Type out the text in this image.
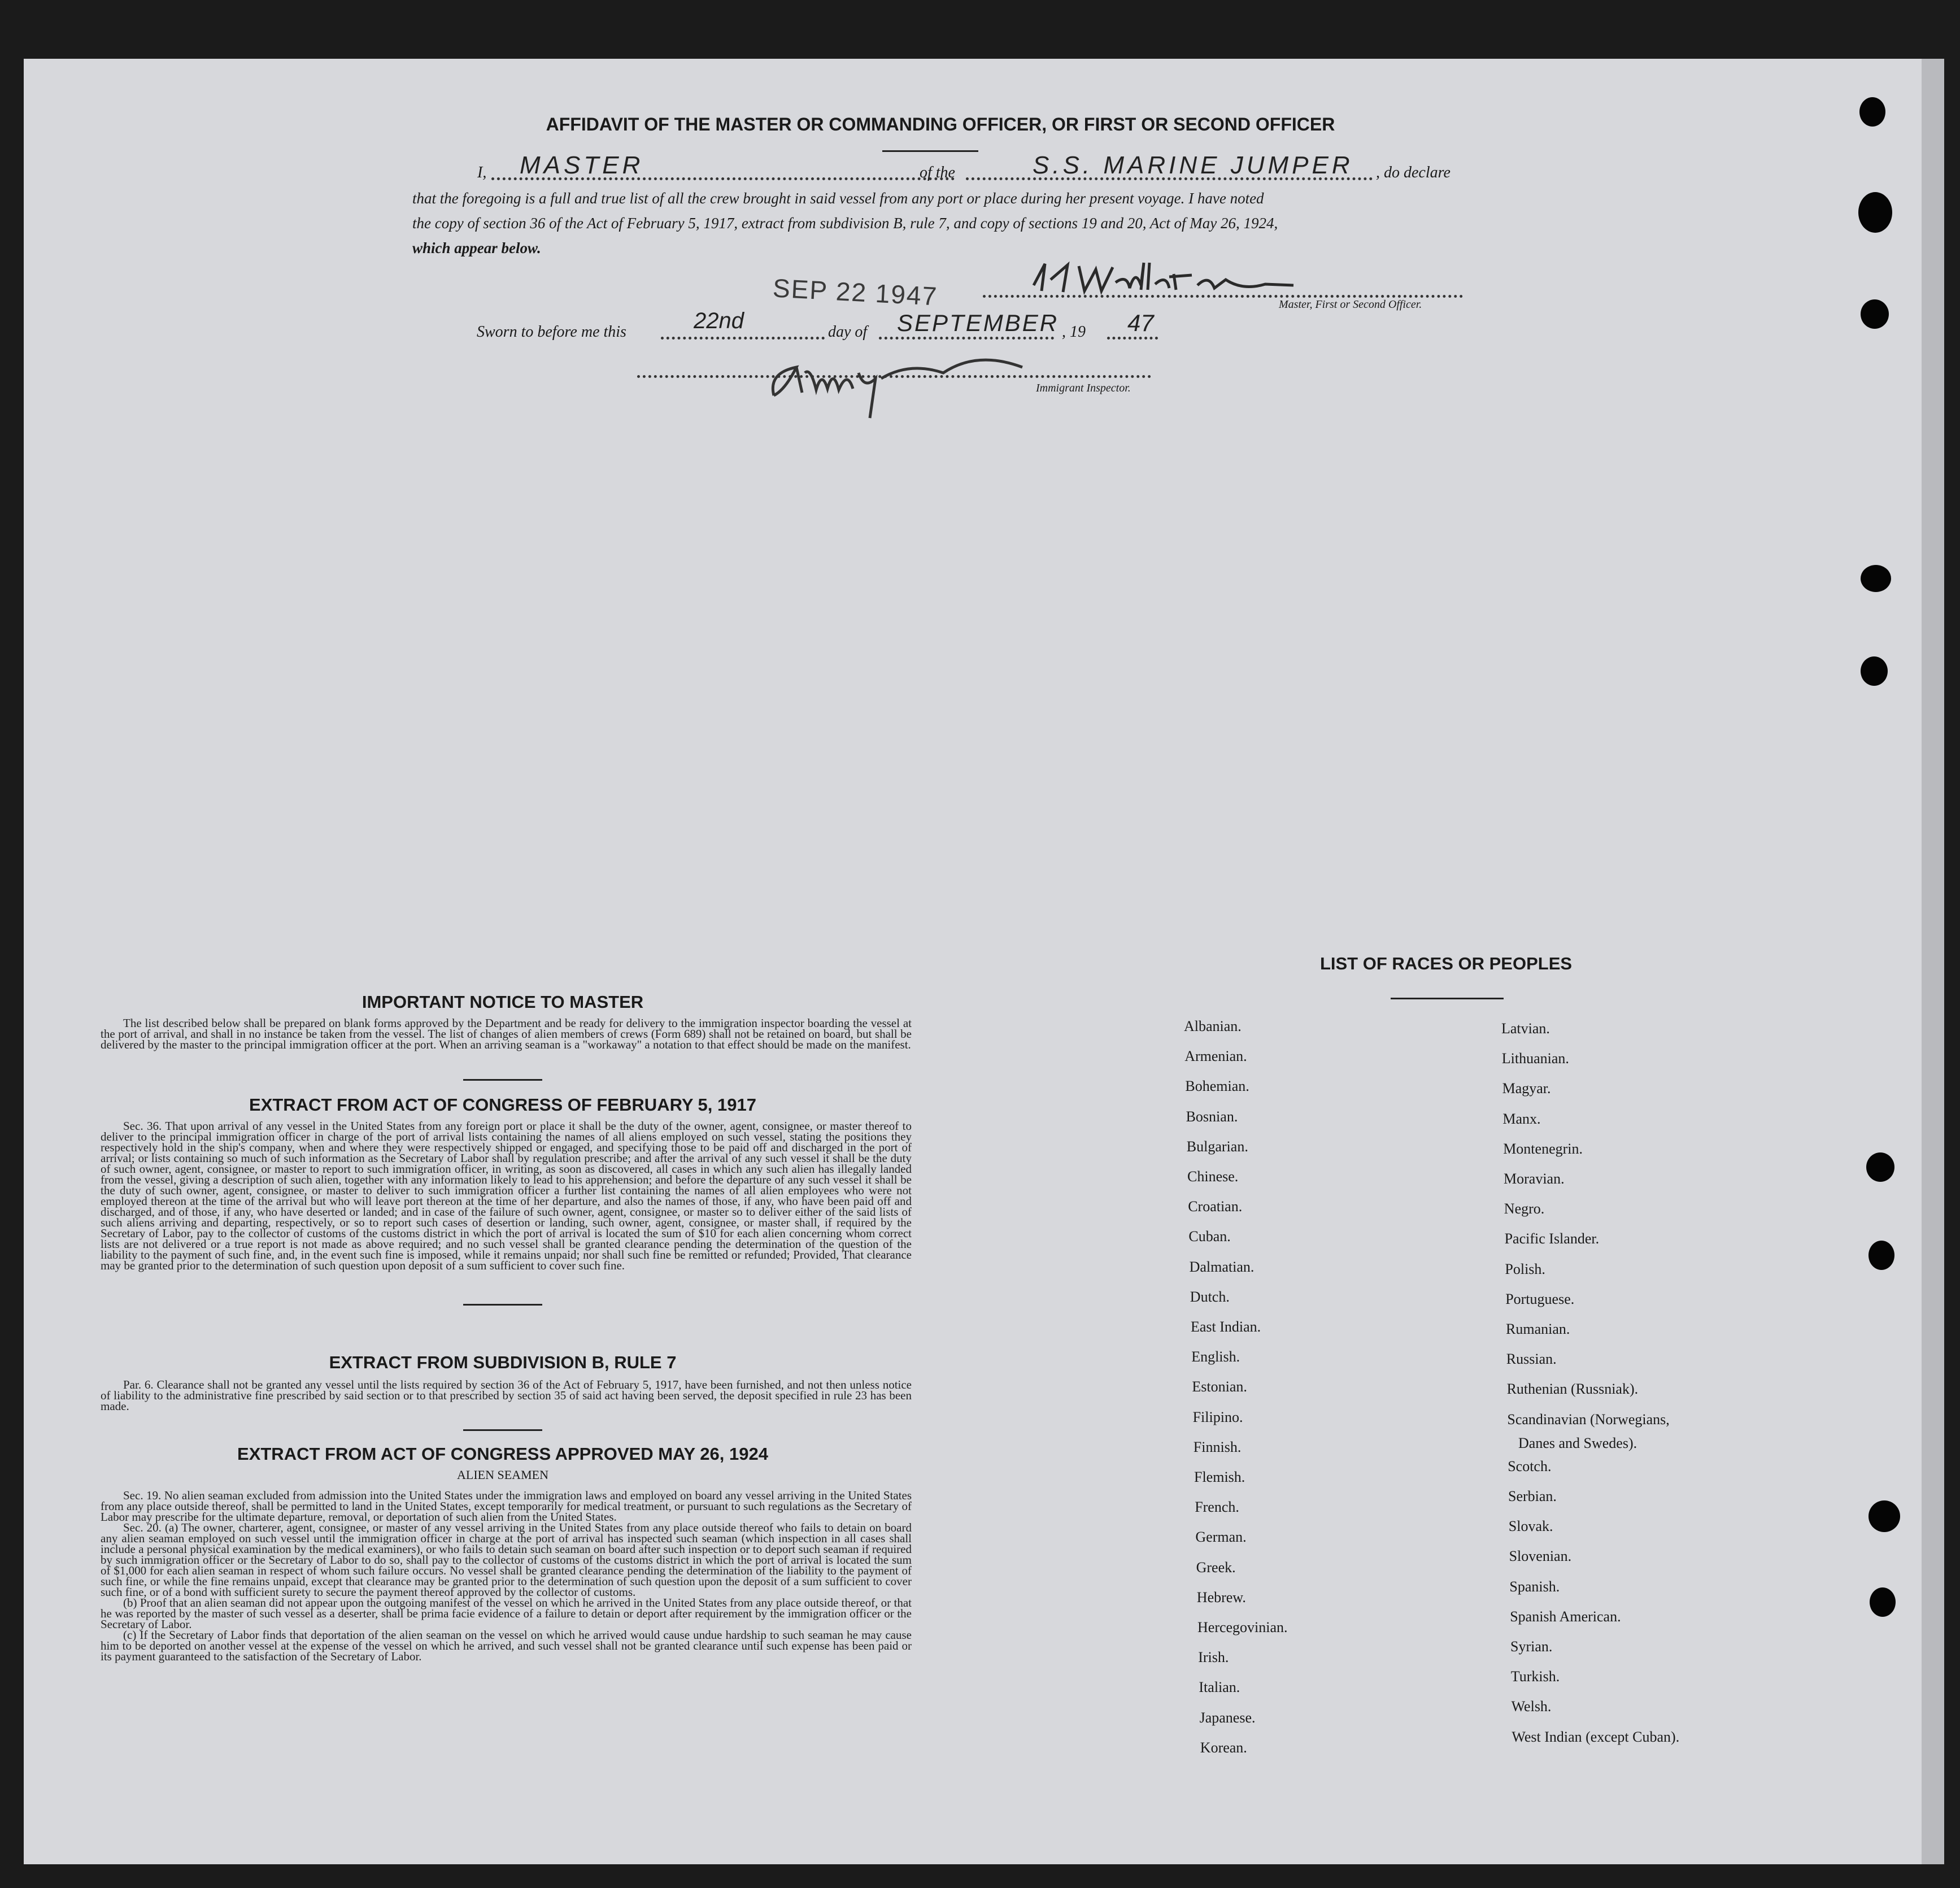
AFFIDAVIT OF THE MASTER OR COMMANDING OFFICER, OR FIRST OR SECOND OFFICER
I, MASTER	of the	S.S. MARINE JUMPER , do declare
that the foregoing is a full and true list of all the crew brought in said vessel from any port or place during her present voyage. I have noted
the copy of section 36 of the Act of February 5, 1917, extract from subdivision B, rule 7, and copy of sections 19 and 20, Act of May 26, 1924,
which appear below.
SEP 22 1947	Master, First or Second Officer.
Sworn to before me this	22nd	day of SEPTEMBER , 19 47
Immigrant Inspector.
IMPORTANT NOTICE TO MASTER

The list described below shall be prepared on blank forms approved by the Department and be ready for delivery to the immigration inspector boarding the vessel at the port of arrival, and shall in no instance be taken from the vessel. The list of changes of alien members of crews (Form 689) shall not be retained on board, but shall be delivered by the master to the principal immigration officer at the port. When an arriving seaman is a "workaway" a notation to that effect should be made on the manifest.

EXTRACT FROM ACT OF CONGRESS OF FEBRUARY 5, 1917

Sec. 36. That upon arrival of any vessel in the United States from any foreign port or place it shall be the duty of the owner, agent, consignee, or master thereof to deliver to the principal immigration officer in charge of the port of arrival lists containing the names of all aliens employed on such vessel, stating the positions they respectively hold in the ship's company, when and where they were respectively shipped or engaged, and specifying those to be paid off and discharged in the port of arrival; or lists containing so much of such information as the Secretary of Labor shall by regulation prescribe; and after the arrival of any such vessel it shall be the duty of such owner, agent, consignee, or master to report to such immigration officer, in writing, as soon as discovered, all cases in which any such alien has illegally landed from the vessel, giving a description of such alien, together with any information likely to lead to his apprehension; and before the departure of any such vessel it shall be the duty of such owner, agent, consignee, or master to deliver to such immigration officer a further list containing the names of all alien employees who were not employed thereon at the time of the arrival but who will leave port thereon at the time of her departure, and also the names of those, if any, who have been paid off and discharged, and of those, if any, who have deserted or landed; and in case of the failure of such owner, agent, consignee, or master so to deliver either of the said lists of such aliens arriving and departing, respectively, or so to report such cases of desertion or landing, such owner, agent, consignee, or master shall, if required by the Secretary of Labor, pay to the collector of customs of the customs district in which the port of arrival is located the sum of $10 for each alien concerning whom correct lists are not delivered or a true report is not made as above required; and no such vessel shall be granted clearance pending the determination of the question of the liability to the payment of such fine, and, in the event such fine is imposed, while it remains unpaid; nor shall such fine be remitted or refunded; Provided, That clearance may be granted prior to the determination of such question upon deposit of a sum sufficient to cover such fine.

EXTRACT FROM SUBDIVISION B, RULE 7

Par. 6. Clearance shall not be granted any vessel until the lists required by section 36 of the Act of February 5, 1917, have been furnished, and not then unless notice of liability to the administrative fine prescribed by said section or to that prescribed by section 35 of said act having been served, the deposit specified in rule 23 has been made.

EXTRACT FROM ACT OF CONGRESS APPROVED MAY 26, 1924
ALIEN SEAMEN

Sec. 19. No alien seaman excluded from admission into the United States under the immigration laws and employed on board any vessel arriving in the United States from any place outside thereof, shall be permitted to land in the United States, except temporarily for medical treatment, or pursuant to such regulations as the Secretary of Labor may prescribe for the ultimate departure, removal, or deportation of such alien from the United States.

Sec. 20. (a) The owner, charterer, agent, consignee, or master of any vessel arriving in the United States from any place outside thereof who fails to detain on board any alien seaman employed on such vessel until the immigration officer in charge at the port of arrival has inspected such seaman (which inspection in all cases shall include a personal physical examination by the medical examiners), or who fails to detain such seaman on board after such inspection or to deport such seaman if required by such immigration officer or the Secretary of Labor to do so, shall pay to the collector of customs of the customs district in which the port of arrival is located the sum of $1,000 for each alien seaman in respect of whom such failure occurs. No vessel shall be granted clearance pending the determination of the liability to the payment of such fine, or while the fine remains unpaid, except that clearance may be granted prior to the determination of such question upon the deposit of a sum sufficient to cover such fine, or of a bond with sufficient surety to secure the payment thereof approved by the collector of customs.

(b) Proof that an alien seaman did not appear upon the outgoing manifest of the vessel on which he arrived in the United States from any place outside thereof, or that he was reported by the master of such vessel as a deserter, shall be prima facie evidence of a failure to detain or deport after requirement by the immigration officer or the Secretary of Labor.

(c) If the Secretary of Labor finds that deportation of the alien seaman on the vessel on which he arrived would cause undue hardship to such seaman he may cause him to be deported on another vessel at the expense of the vessel on which he arrived, and such vessel shall not be granted clearance until such expense has been paid or its payment guaranteed to the satisfaction of the Secretary of Labor.

LIST OF RACES OR PEOPLES
Albanian.
Armenian.
Bohemian.
Bosnian.
Bulgarian.
Chinese.
Croatian.
Cuban.
Dalmatian.
Dutch.
East Indian.
English.
Estonian.
Filipino.
Finnish.
Flemish.
French.
German.
Greek.
Hebrew.
Hercegovinian.
Irish.
Italian.
Japanese.
Korean.
Latvian.
Lithuanian.
Magyar.
Manx.
Montenegrin.
Moravian.
Negro.
Pacific Islander.
Polish.
Portuguese.
Rumanian.
Russian.
Ruthenian (Russniak).
Scandinavian (Norwegians,
Scotch.
Serbian.
Slovak.
Slovenian.
Spanish.
Spanish American.
Syrian.
Turkish.
Welsh.
West Indian (except Cuban).
Danes and Swedes).
